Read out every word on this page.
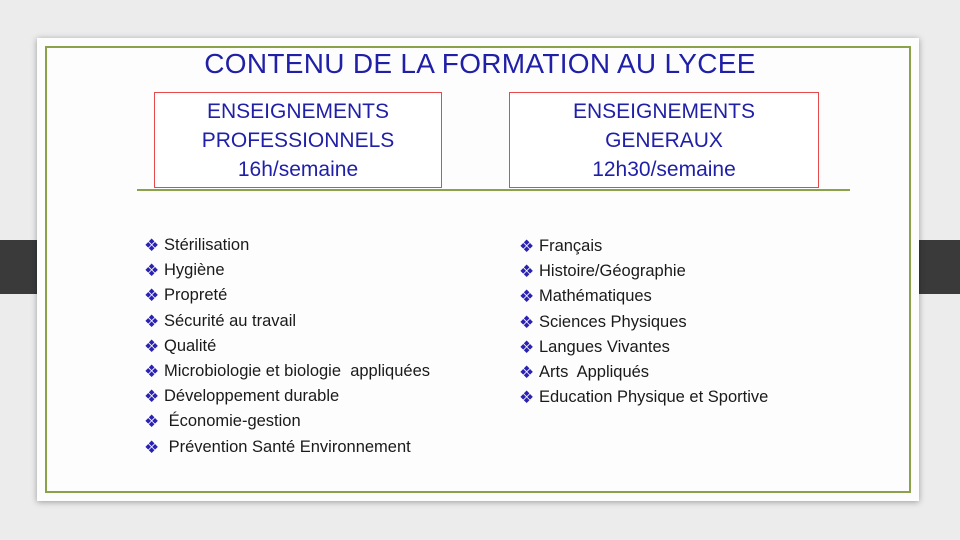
CONTENU DE LA FORMATION AU LYCEE
ENSEIGNEMENTS
PROFESSIONNELS
16h/semaine
ENSEIGNEMENTS
GENERAUX
12h30/semaine
❖ Stérilisation
❖ Hygiène
❖ Propreté
❖ Sécurité au travail
❖ Qualité
❖ Microbiologie et biologie  appliquées
❖ Développement durable
❖ Économie-gestion
❖ Prévention Santé Environnement
❖ Français
❖ Histoire/Géographie
❖ Mathématiques
❖ Sciences Physiques
❖ Langues Vivantes
❖ Arts  Appliqués
❖ Education Physique et Sportive
